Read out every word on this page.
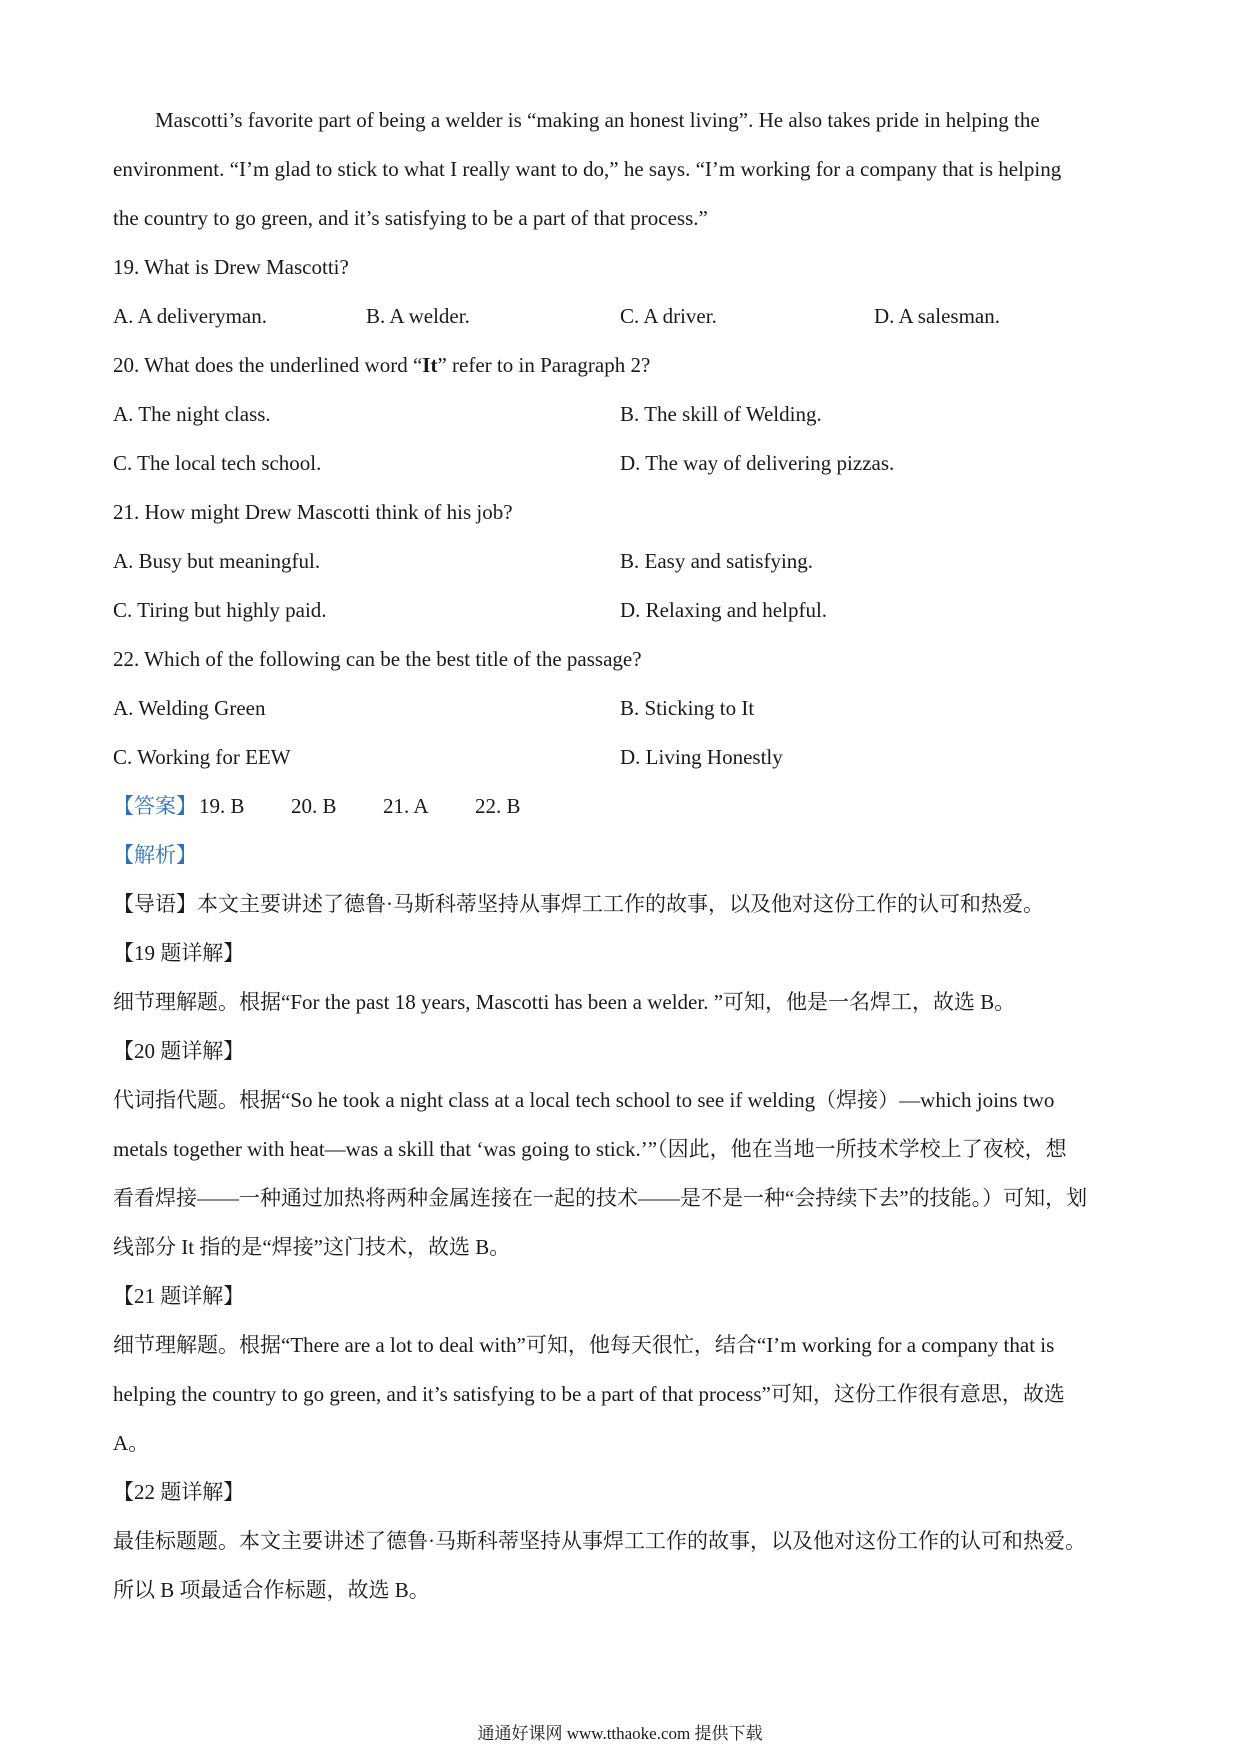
Mascotti’s favorite part of being a welder is “making an honest living”. He also takes pride in helping the
environment. “I’m glad to stick to what I really want to do,” he says. “I’m working for a company that is helping
the country to go green, and it’s satisfying to be a part of that process.”
19. What is Drew Mascotti?
A. A deliveryman.	B. A welder.	C. A driver.	D. A salesman.
20. What does the underlined word “It” refer to in Paragraph 2?
A. The night class.	B. The skill of Welding.
C. The local tech school.	D. The way of delivering pizzas.
21. How might Drew Mascotti think of his job?
A. Busy but meaningful.	B. Easy and satisfying.
C. Tiring but highly paid.	D. Relaxing and helpful.
22. Which of the following can be the best title of the passage?
A. Welding Green	B. Sticking to It
C. Working for EEW	D. Living Honestly
【答案】 19. B 20. B 21. A 22. B
【解析】
【导语】本文主要讲述了德鲁·马斯科蒂坚持从事焊工工作的故事，以及他对这份工作的认可和热爱。
【19 题详解】
细节理解题。根据“For the past 18 years, Mascotti has been a welder. ”可知，他是一名焊工，故选 B。
【20 题详解】
代词指代题。根据“So he took a night class at a local tech school to see if welding（焊接）—which joins two
metals together with heat—was a skill that ‘was going to stick.’”（因此，他在当地一所技术学校上了夜校，想
看看焊接——一种通过加热将两种金属连接在一起的技术——是不是一种“会持续下去”的技能。）可知，划
线部分 It 指的是“焊接”这门技术，故选 B。
【21 题详解】
细节理解题。根据“There are a lot to deal with”可知，他每天很忙，结合“I’m working for a company that is
helping the country to go green, and it’s satisfying to be a part of that process”可知，这份工作很有意思，故选
A。
【22 题详解】
最佳标题题。本文主要讲述了德鲁·马斯科蒂坚持从事焊工工作的故事，以及他对这份工作的认可和热爱。
所以 B 项最适合作标题，故选 B。
通通好课网 www.tthaoke.com 提供下载
